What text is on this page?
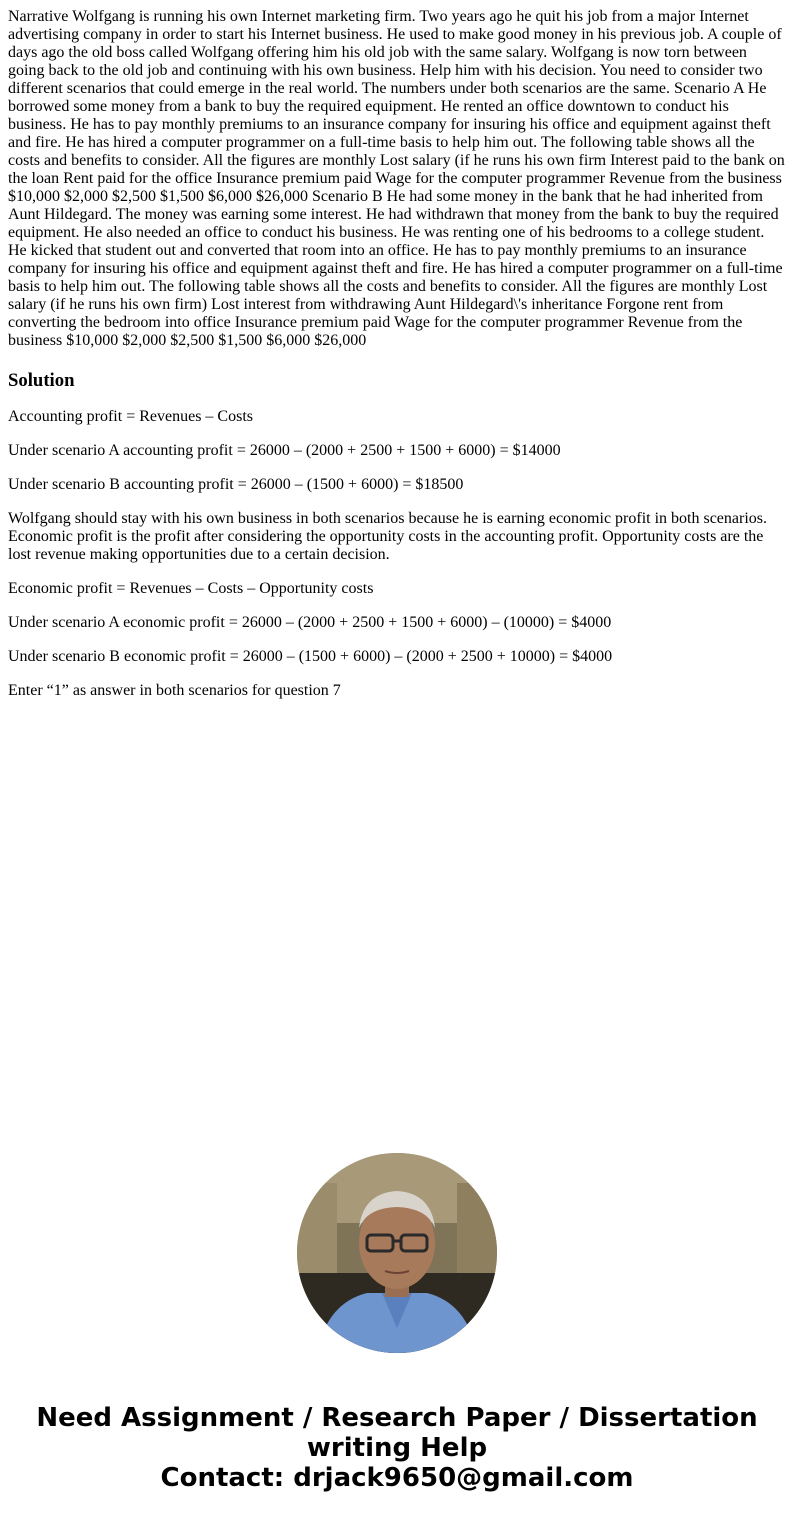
Narrative Wolfgang is running his own Internet marketing firm. Two years ago he quit his job from a major Internet advertising company in order to start his Internet business. He used to make good money in his previous job. A couple of days ago the old boss called Wolfgang offering him his old job with the same salary. Wolfgang is now torn between going back to the old job and continuing with his own business. Help him with his decision. You need to consider two different scenarios that could emerge in the real world. The numbers under both scenarios are the same. Scenario A He borrowed some money from a bank to buy the required equipment. He rented an office downtown to conduct his business. He has to pay monthly premiums to an insurance company for insuring his office and equipment against theft and fire. He has hired a computer programmer on a full-time basis to help him out. The following table shows all the costs and benefits to consider. All the figures are monthly Lost salary (if he runs his own firm Interest paid to the bank on the loan Rent paid for the office Insurance premium paid Wage for the computer programmer Revenue from the business $10,000 $2,000 $2,500 $1,500 $6,000 $26,000 Scenario B He had some money in the bank that he had inherited from Aunt Hildegard. The money was earning some interest. He had withdrawn that money from the bank to buy the required equipment. He also needed an office to conduct his business. He was renting one of his bedrooms to a college student. He kicked that student out and converted that room into an office. He has to pay monthly premiums to an insurance company for insuring his office and equipment against theft and fire. He has hired a computer programmer on a full-time basis to help him out. The following table shows all the costs and benefits to consider. All the figures are monthly Lost salary (if he runs his own firm) Lost interest from withdrawing Aunt Hildegard\'s inheritance Forgone rent from converting the bedroom into office Insurance premium paid Wage for the computer programmer Revenue from the business $10,000 $2,000 $2,500 $1,500 $6,000 $26,000

Solution

Accounting profit = Revenues – Costs

Under scenario A accounting profit = 26000 – (2000 + 2500 + 1500 + 6000) = $14000

Under scenario B accounting profit = 26000 – (1500 + 6000) = $18500

Wolfgang should stay with his own business in both scenarios because he is earning economic profit in both scenarios. Economic profit is the profit after considering the opportunity costs in the accounting profit. Opportunity costs are the lost revenue making opportunities due to a certain decision.

Economic profit = Revenues – Costs – Opportunity costs

Under scenario A economic profit = 26000 – (2000 + 2500 + 1500 + 6000) – (10000) = $4000

Under scenario B economic profit = 26000 – (1500 + 6000) – (2000 + 2500 + 10000) = $4000

Enter “1” as answer in both scenarios for question 7

Need Assignment / Research Paper / Dissertation
writing Help
Contact: drjack9650@gmail.com
